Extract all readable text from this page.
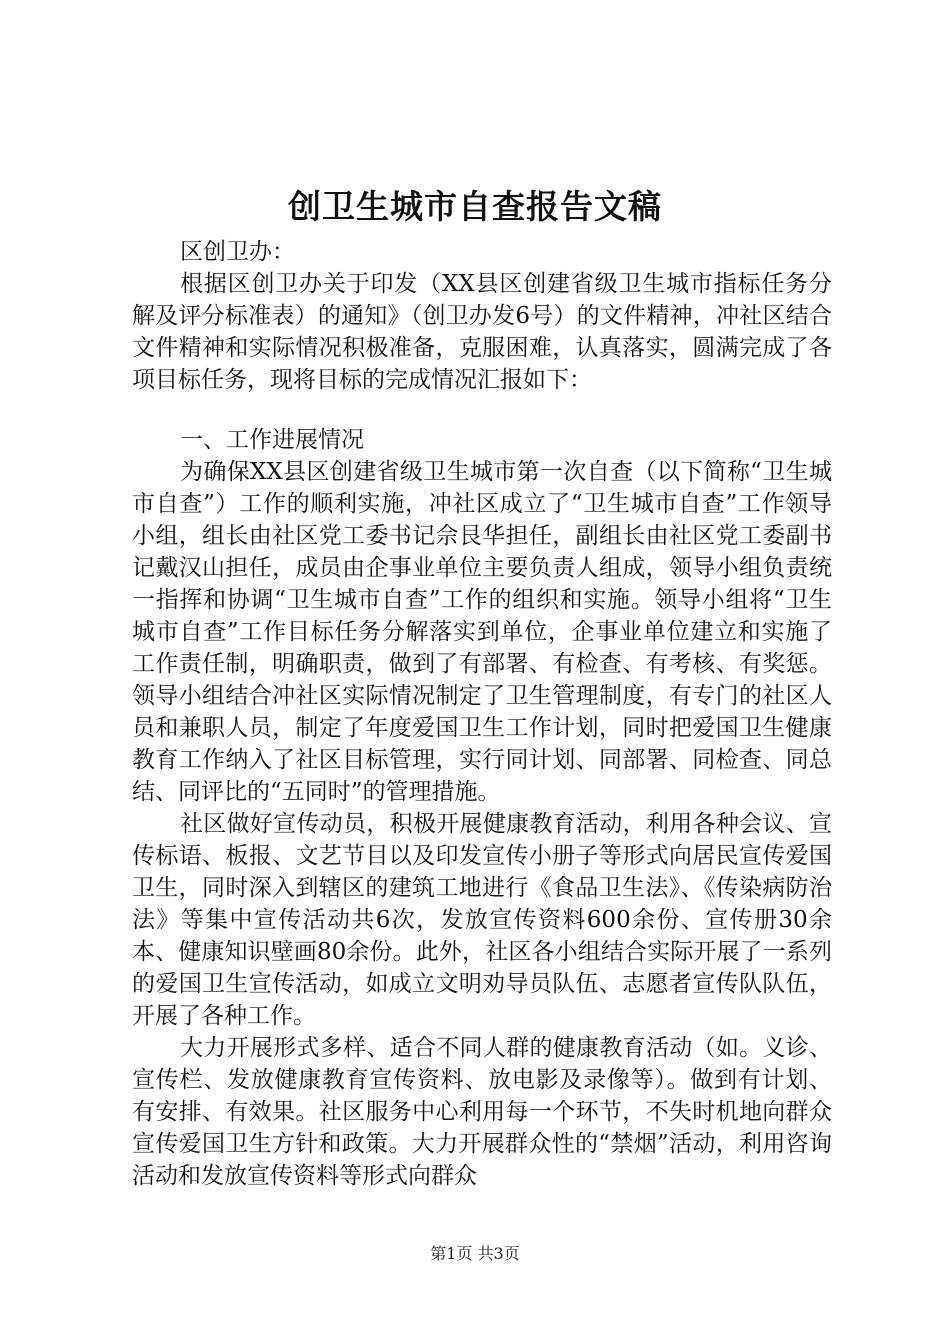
创卫生城市自查报告文稿

区创卫办：

根据区创卫办关于印发（XX县区创建省级卫生城市指标任务分解及评分标准表）的通知》（创卫办发6号）的文件精神，冲社区结合文件精神和实际情况积极准备，克服困难，认真落实，圆满完成了各项目标任务，现将目标的完成情况汇报如下：

一、工作进展情况

为确保XX县区创建省级卫生城市第一次自查（以下简称“卫生城市自查”）工作的顺利实施，冲社区成立了“卫生城市自查”工作领导小组，组长由社区党工委书记佘艮华担任，副组长由社区党工委副书记戴汉山担任，成员由企事业单位主要负责人组成，领导小组负责统一指挥和协调“卫生城市自查”工作的组织和实施。领导小组将“卫生城市自查”工作目标任务分解落实到单位，企事业单位建立和实施了工作责任制，明确职责，做到了有部署、有检查、有考核、有奖惩。领导小组结合冲社区实际情况制定了卫生管理制度，有专门的社区人员和兼职人员，制定了年度爱国卫生工作计划，同时把爱国卫生健康教育工作纳入了社区目标管理，实行同计划、同部署、同检查、同总结、同评比的“五同时”的管理措施。

社区做好宣传动员，积极开展健康教育活动，利用各种会议、宣传标语、板报、文艺节目以及印发宣传小册子等形式向居民宣传爱国卫生，同时深入到辖区的建筑工地进行《食品卫生法》、《传染病防治法》等集中宣传活动共6次，发放宣传资料600余份、宣传册30余本、健康知识壁画80余份。此外，社区各小组结合实际开展了一系列的爱国卫生宣传活动，如成立文明劝导员队伍、志愿者宣传队队伍，开展了各种工作。

大力开展形式多样、适合不同人群的健康教育活动（如。义诊、宣传栏、发放健康教育宣传资料、放电影及录像等）。做到有计划、有安排、有效果。社区服务中心利用每一个环节，不失时机地向群众宣传爱国卫生方针和政策。大力开展群众性的“禁烟”活动，利用咨询活动和发放宣传资料等形式向群众

第1页 共3页
